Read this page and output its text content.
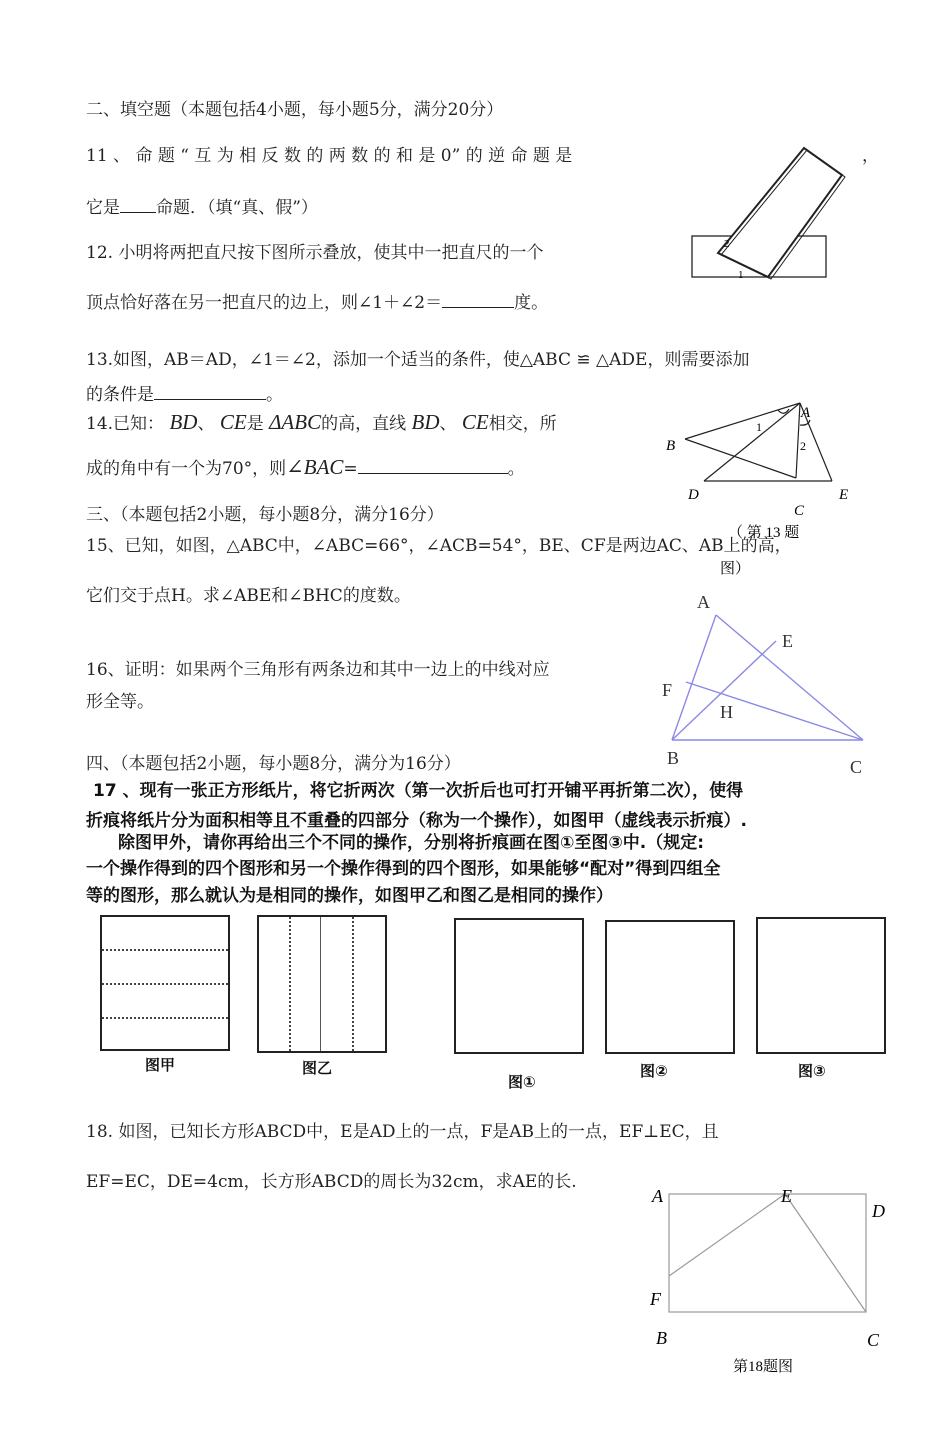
二、填空题（本题包括4小题，每小题5分，满分20分）
11 、 命 题 “ 互 为 相 反 数 的 两 数 的 和 是 0” 的 逆 命 题 是	，
它是 命题．（填“真、假”）
2
1
12. 小明将两把直尺按下图所示叠放，使其中一把直尺的一个
顶点恰好落在另一把直尺的边上，则∠1＋∠2＝	度。
13.如图，AB＝AD，∠1＝∠2，添加一个适当的条件，使△ABC ≌ △ADE，则需要添加
的条件是	。
A
B
C
D	E
1
2
（ 第 13 题
图）
14.已知： BD、 CE是 ΔABC的高，直线 BD、 CE相交，所
成的角中有一个为70°，则∠BAC=	。
三、（本题包括2小题，每小题8分，满分16分）
15、已知，如图，△ABC中，∠ABC=66°，∠ACB=54°，BE、CF是两边AC、AB上的高，
它们交于点H。求∠ABE和∠BHC的度数。	A
E
F
H
B	C
16、证明：如果两个三角形有两条边和其中一边上的中线对应
形全等。
四、（本题包括2小题，每小题8分，满分为16分）
17 、现有一张正方形纸片，将它折两次（第一次折后也可打开铺平再折第二次），使得
折痕将纸片分为面积相等且不重叠的四部分（称为一个操作），如图甲（虚线表示折痕）.
除图甲外，请你再给出三个不同的操作，分别将折痕画在图①至图③中.（规定:
一个操作得到的四个图形和另一个操作得到的四个图形，如果能够“配对”得到四组全
等的图形，那么就认为是相同的操作，如图甲乙和图乙是相同的操作）
图甲	图乙
图①
图②	图③
18. 如图，已知长方形ABCD中，E是AD上的一点，F是AB上的一点，EF⊥EC，且
EF=EC，DE=4cm，长方形ABCD的周长为32cm，求AE的长.
A	E
D
F
B	C
第18题图
